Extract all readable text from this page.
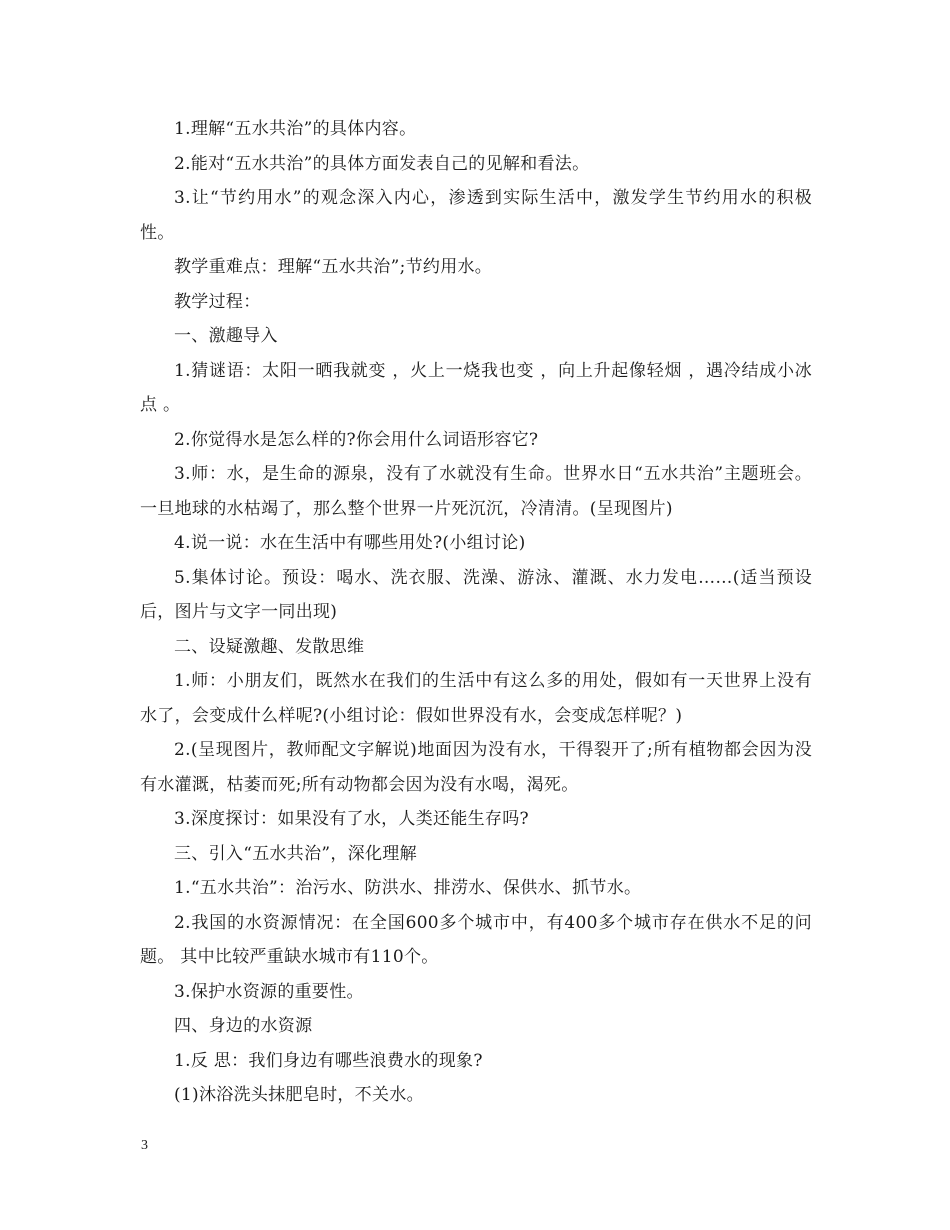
1.理解“五水共治”的具体内容。

2.能对“五水共治”的具体方面发表自己的见解和看法。

3.让“节约用水”的观念深入内心，渗透到实际生活中，激发学生节约用水的积极性。

教学重难点：理解“五水共治”;节约用水。

教学过程：

一、激趣导入

1.猜谜语：太阳一晒我就变 ，火上一烧我也变 ，向上升起像轻烟 ，遇冷结成小冰点 。

2.你觉得水是怎么样的?你会用什么词语形容它?

3.师：水，是生命的源泉，没有了水就没有生命。世界水日“五水共治”主题班会。一旦地球的水枯竭了，那么整个世界一片死沉沉，冷清清。(呈现图片)

4.说一说：水在生活中有哪些用处?(小组讨论)

5.集体讨论。预设：喝水、洗衣服、洗澡、游泳、灌溉、水力发电……(适当预设后，图片与文字一同出现)

二、设疑激趣、发散思维

1.师：小朋友们，既然水在我们的生活中有这么多的用处，假如有一天世界上没有水了，会变成什么样呢?(小组讨论：假如世界没有水，会变成怎样呢？)

2.(呈现图片，教师配文字解说)地面因为没有水，干得裂开了;所有植物都会因为没有水灌溉，枯萎而死;所有动物都会因为没有水喝，渴死。

3.深度探讨：如果没有了水，人类还能生存吗?

三、引入“五水共治”，深化理解

1.“五水共治”：治污水、防洪水、排涝水、保供水、抓节水。

2.我国的水资源情况：在全国600多个城市中，有400多个城市存在供水不足的问题。 其中比较严重缺水城市有110个。

3.保护水资源的重要性。

四、身边的水资源

1.反 思：我们身边有哪些浪费水的现象?

(1)沐浴洗头抹肥皂时，不关水。

3
